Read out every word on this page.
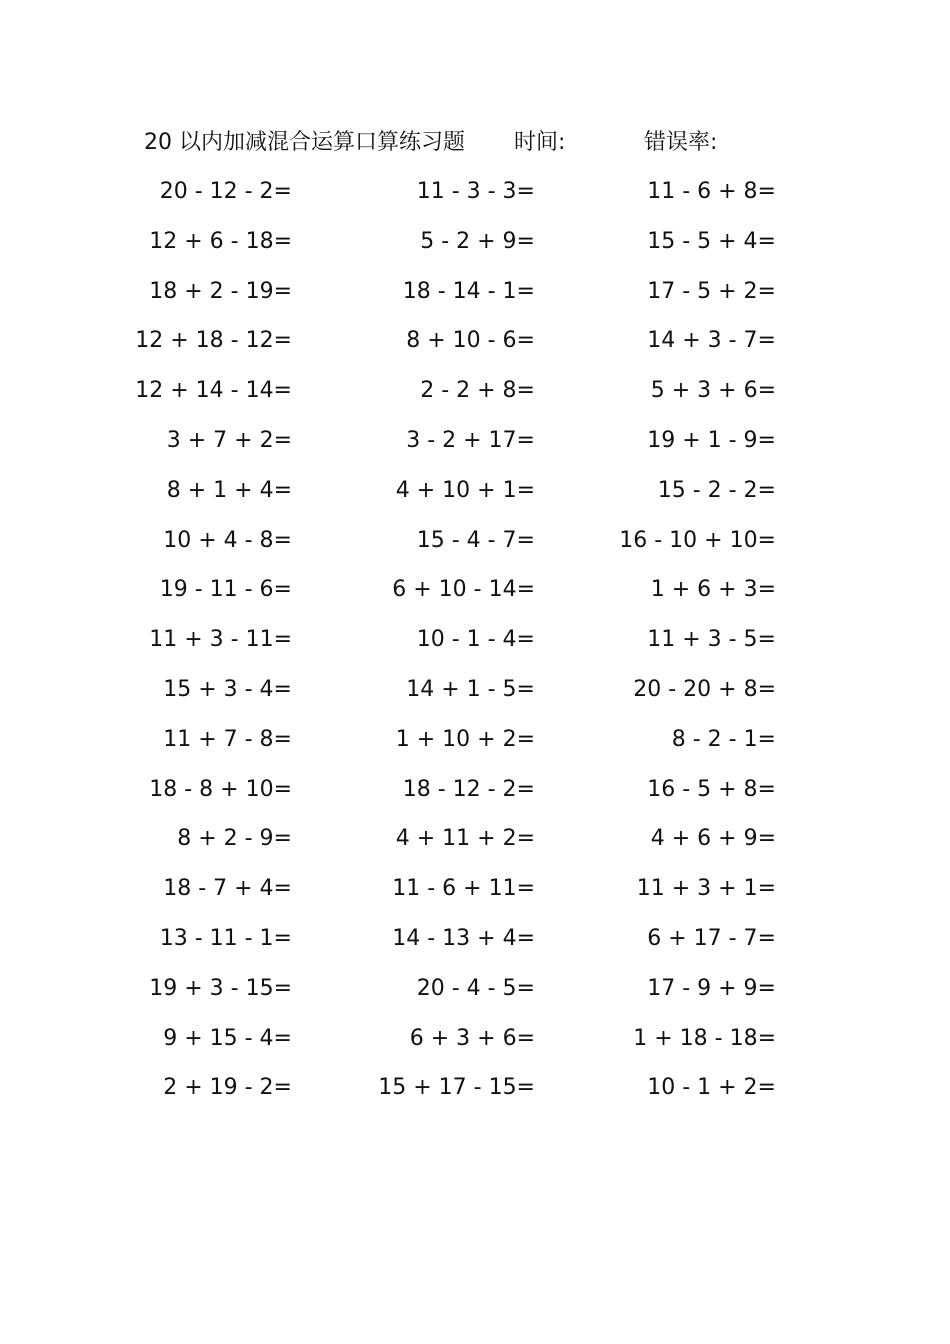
20 以内加减混合运算口算练习题 时间:	错误率:
20 - 12 - 2=	11 - 3 - 3=	11 - 6 + 8=
12 + 6 - 18=	5 - 2 + 9=	15 - 5 + 4=
18 + 2 - 19=	18 - 14 - 1=	17 - 5 + 2=
12 + 18 - 12=	8 + 10 - 6=	14 + 3 - 7=
12 + 14 - 14=	2 - 2 + 8=	5 + 3 + 6=
3 + 7 + 2=	3 - 2 + 17=	19 + 1 - 9=
8 + 1 + 4=	4 + 10 + 1=	15 - 2 - 2=
10 + 4 - 8=	15 - 4 - 7=	16 - 10 + 10=
19 - 11 - 6=	6 + 10 - 14=	1 + 6 + 3=
11 + 3 - 11=	10 - 1 - 4=	11 + 3 - 5=
15 + 3 - 4=	14 + 1 - 5=	20 - 20 + 8=
11 + 7 - 8=	1 + 10 + 2=	8 - 2 - 1=
18 - 8 + 10=	18 - 12 - 2=	16 - 5 + 8=
8 + 2 - 9=	4 + 11 + 2=	4 + 6 + 9=
18 - 7 + 4=	11 - 6 + 11=	11 + 3 + 1=
13 - 11 - 1=	14 - 13 + 4=	6 + 17 - 7=
19 + 3 - 15=	20 - 4 - 5=	17 - 9 + 9=
9 + 15 - 4=	6 + 3 + 6=	1 + 18 - 18=
2 + 19 - 2=	15 + 17 - 15=	10 - 1 + 2=
